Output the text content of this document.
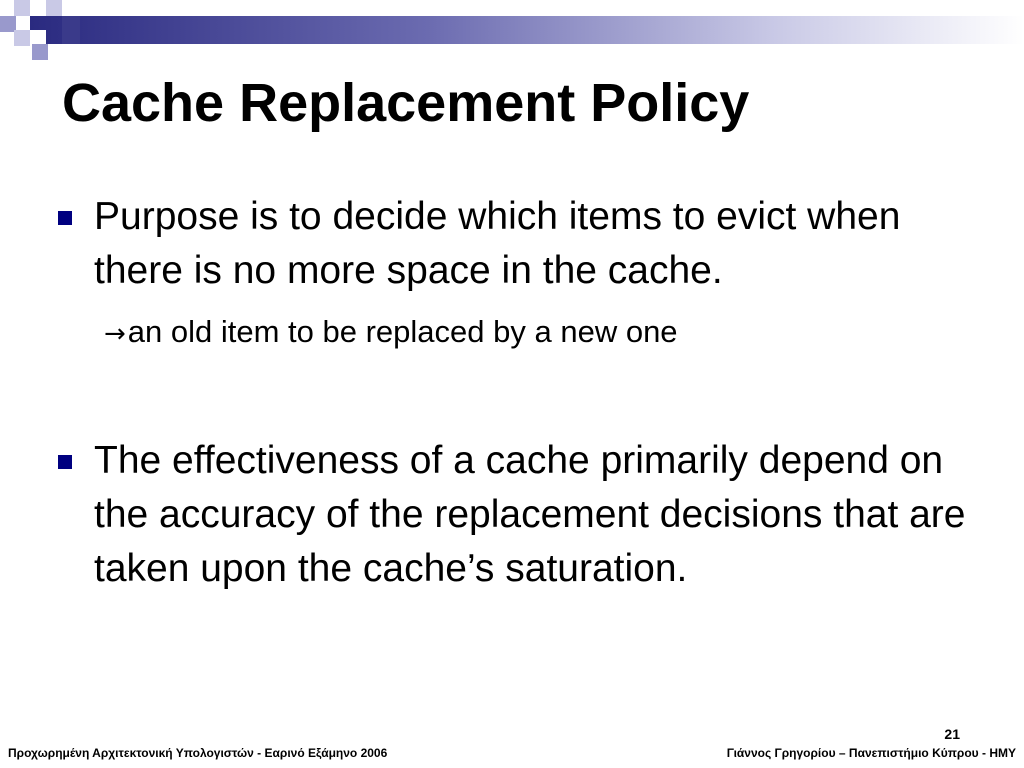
Cache Replacement Policy

Purpose is to decide which items to evict when there is no more space in the cache.

→an old item to be replaced by a new one

The effectiveness of a cache primarily depend on the accuracy of the replacement decisions that are taken upon the cache’s saturation.

21
Προχωρημένη Αρχιτεκτονική Υπολογιστών - Εαρινό Εξάμηνο 2006	Γιάννος Γρηγορίου – Πανεπιστήμιο Κύπρου - ΗΜΥ
